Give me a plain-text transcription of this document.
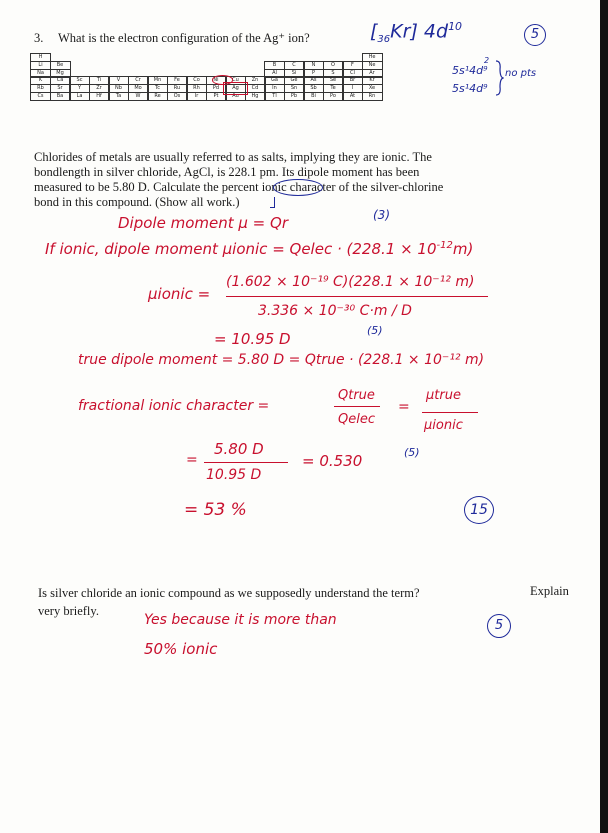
3. What is the electron configuration of the Ag⁺ ion?	$[_{36}Kr]$ $4d^{10}$
5
5s¹4d⁹
2
5s¹4d⁹
no pts
H	He
Li	Be	B	C	N	O	F	Ne
Na	Mg	Al	Si	P	S	Cl	Ar
K	Ca	Sc	Ti	V	Cr	Mn	Fe	Co	Ni	Cu	Zn	Ga	Ge	As	Se	Br	Kr
Rb	Sr	Y	Zr	Nb	Mo	Tc	Ru	Rh	Pd	Ag	Cd	In	Sn	Sb	Te	I	Xe
Cs	Ba	La	Hf	Ta	W	Re	Os	Ir	Pt	Au	Hg	Tl	Pb	Bi	Po	At	Rn
Chlorides of metals are usually referred to as salts, implying they are ionic. The
bondlength in silver chloride, AgCl, is 228.1 pm. Its dipole moment has been
measured to be 5.80 D. Calculate the percent ionic character of the silver-chlorine
bond in this compound. (Show all work.)
Dipole moment μ = Qr	(3)
If ionic, dipole moment μionic = Qelec · $(228.1 \times 10^{-12}m)$
μionic =
(1.602 × 10⁻¹⁹ C)(228.1 × 10⁻¹² m)
3.336 × 10⁻³⁰ C·m / D
= 10.95 D	(5)
true dipole moment = 5.80 D = Qtrue · (228.1 × 10⁻¹² m)
fractional ionic character =
Qtrue
Qelec
=
μtrue
μionic
=
5.80 D
10.95 D
= 0.530	(5)
= 53 %	15
Is silver chloride an ionic compound as we supposedly understand the term?	Explain
very briefly.
Yes because it is more than
50% ionic
5
